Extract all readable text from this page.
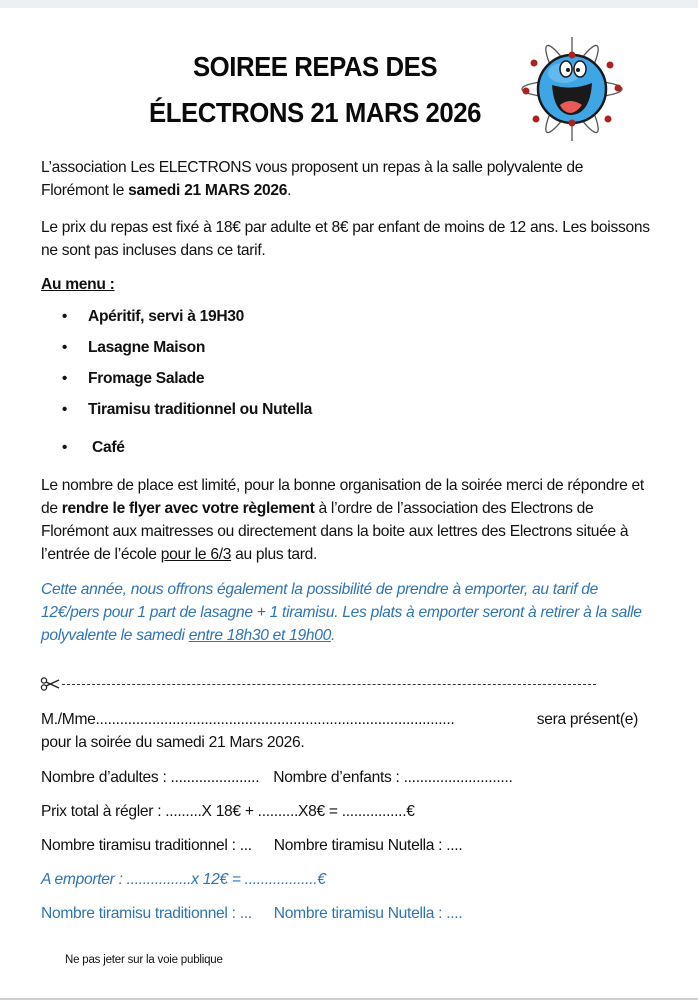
SOIREE REPAS DES
ÉLECTRONS 21 MARS 2026
L’association Les ELECTRONS vous proposent un repas à la salle polyvalente de Florémont le samedi 21 MARS 2026.
Le prix du repas est fixé à 18€ par adulte et 8€ par enfant de moins de 12 ans. Les boissons ne sont pas incluses dans ce tarif.
Au menu :
• Apéritif, servi à 19H30
• Lasagne Maison
• Fromage Salade
• Tiramisu traditionnel ou Nutella
• Café
Le nombre de place est limité, pour la bonne organisation de la soirée merci de répondre et de rendre le flyer avec votre règlement à l’ordre de l’association des Electrons de Florémont aux maitresses ou directement dans la boite aux lettres des Electrons située à l’entrée de l’école pour le 6/3 au plus tard.
Cette année, nous offrons également la possibilité de prendre à emporter, au tarif de 12€/pers pour 1 part de lasagne + 1 tiramisu. Les plats à emporter seront à retirer à la salle polyvalente le samedi entre 18h30 et 19h00.
M./Mme.........................................................................................	sera présent(e)
pour la soirée du samedi 21 Mars 2026.
Nombre d’adultes : ...................... Nombre d’enfants : ...........................
Prix total à régler : .........X 18€ + ..........X8€ = ................€
Nombre tiramisu traditionnel : ... Nombre tiramisu Nutella : ....
A emporter : ................x 12€ = ..................€
Nombre tiramisu traditionnel : ... Nombre tiramisu Nutella : ....
Ne pas jeter sur la voie publique
